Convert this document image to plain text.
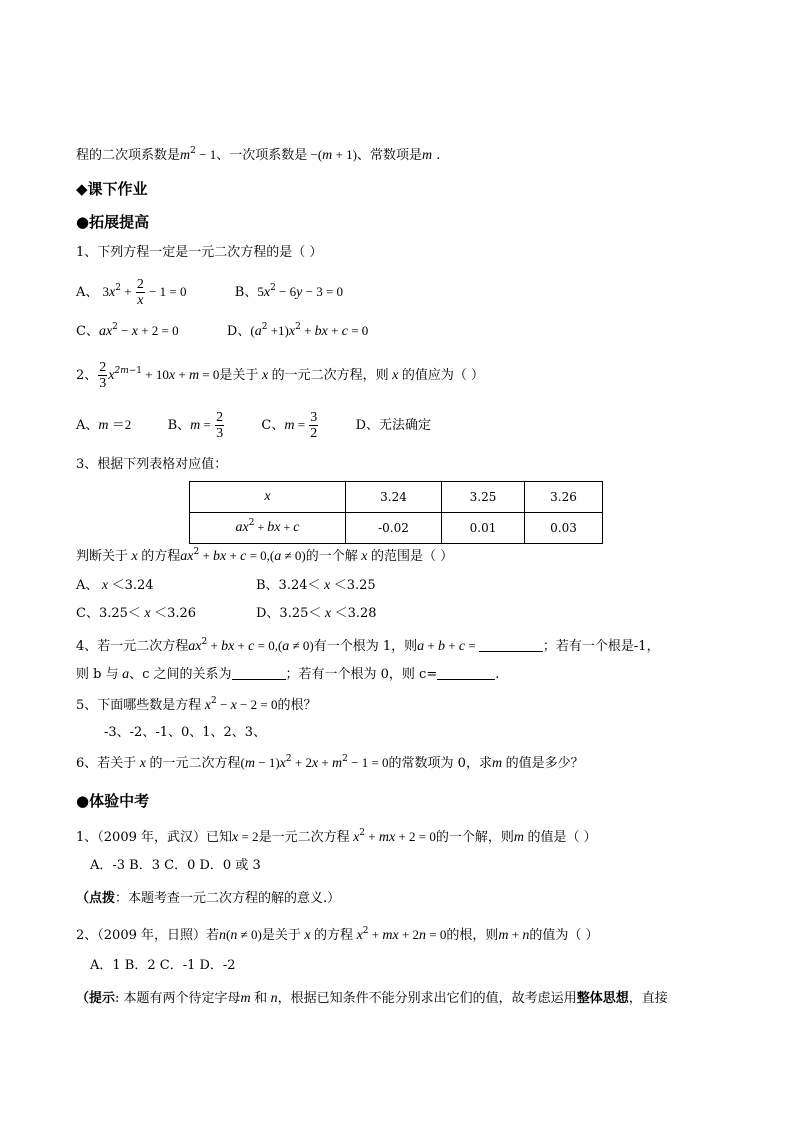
程的二次项系数是$m^2 - 1$、一次项系数是 −(m + 1)、常数项是m .
◆课下作业
●拓展提高
1、下列方程一定是一元二次方程的是（ ）
A、 $3x^2 + \frac{2}{x} - 1 = 0$	B、$5x^2 - 6y - 3 = 0$
C、$ax^2 - x + 2 = 0$	D、$(a^2 +1)x^2$ + bx + c = 0
2、 $\frac{2}{3} x^{2m-1} + 10x + m = 0$是关于 x 的一元二次方程，则 x 的值应为（ ）
A、m ＝2	B、$m = \frac{2}{3}$	C、$m = \frac{3}{2}$	D、无法确定
3、根据下列表格对应值：
x	3.24	3.25	3.26
$ax^2$ + bx + c	-0.02	0.01	0.03
判断关于 x 的方程$ax^2$ + bx + c = 0,(a ≠ 0)的一个解 x 的范围是（ ）
A、 x ＜3.24	B、3.24＜ x ＜3.25
C、3.25＜ x ＜3.26	D、3.25＜ x ＜3.28
4、若一元二次方程$ax^2$ + bx + c = 0,(a ≠ 0)有一个根为 1，则a + b + c =	；若有一个根是-1，
则 b 与 a、c 之间的关系为	；若有一个根为 0，则 c=	.
5、下面哪些数是方程 $x^2 - x - 2 = 0$的根？
-3、-2、-1、0、1、2、3、
6、若关于 x 的一元二次方程$(m - 1)x^2 + 2x + m^2 - 1 = 0$的常数项为 0，求m 的值是多少？
●体验中考
1、（2009 年，武汉）已知x = 2是一元二次方程 $x^2$ + mx + 2 = 0的一个解，则m 的值是（ ）
A．-3 B．3 C．0 D．0 或 3
（点拨：本题考查一元二次方程的解的意义.）
2、（2009 年，日照）若n(n ≠ 0)是关于 x 的方程 $x^2$ + mx + 2n = 0的根，则m + n的值为（ ）
A．1 B．2 C．-1 D．-2
（提示: 本题有两个待定字母m 和 n，根据已知条件不能分别求出它们的值，故考虑运用整体思想，直接
